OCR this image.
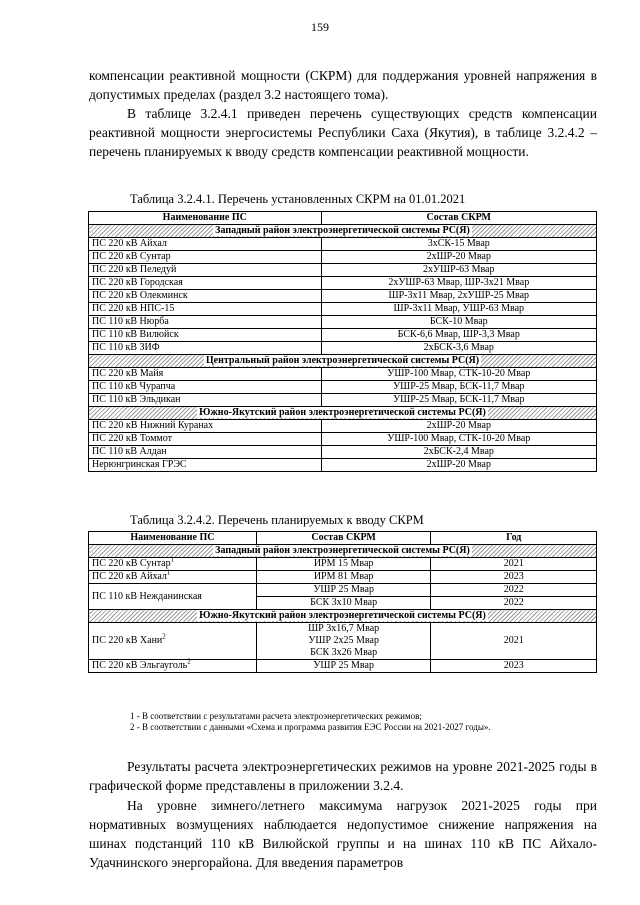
159
компенсации реактивной мощности (СКРМ) для поддержания уровней напряжения в допустимых пределах (раздел 3.2 настоящего тома).
В таблице 3.2.4.1 приведен перечень существующих средств компенсации реактивной мощности энергосистемы Республики Саха (Якутия), в таблице 3.2.4.2 – перечень планируемых к вводу средств компенсации реактивной мощности.
Таблица 3.2.4.1. Перечень установленных СКРМ на 01.01.2021
Наименование ПС	Состав СКРМ
Западный район электроэнергетической системы РС(Я)	
ПС 220 кВ Айхал	3хСК-15 Мвар
ПС 220 кВ Сунтар	2хШР-20 Мвар
ПС 220 кВ Пеледуй	2хУШР-63 Мвар
ПС 220 кВ Городская	2хУШР-63 Мвар, ШР-3х21 Мвар
ПС 220 кВ Олекминск	ШР-3х11 Мвар, 2хУШР-25 Мвар
ПС 220 кВ НПС-15	ШР-3х11 Мвар, УШР-63 Мвар
ПС 110 кВ Нюрба	БСК-10 Мвар
ПС 110 кВ Вилюйск	БСК-6,6 Мвар, ШР-3,3 Мвар
ПС 110 кВ ЗИФ	2хБСК-3,6 Мвар
Центральный район электроэнергетической системы РС(Я)	
ПС 220 кВ Майя	УШР-100 Мвар, СТК-10-20 Мвар
ПС 110 кВ Чурапча	УШР-25 Мвар, БСК-11,7 Мвар
ПС 110 кВ Эльдикан	УШР-25 Мвар, БСК-11,7 Мвар
Южно-Якутский район электроэнергетической системы РС(Я)	
ПС 220 кВ Нижний Куранах	2хШР-20 Мвар
ПС 220 кВ Томмот	УШР-100 Мвар, СТК-10-20 Мвар
ПС 110 кВ Алдан	2хБСК-2,4 Мвар
Нерюнгринская ГРЭС	2хШР-20 Мвар
Таблица 3.2.4.2. Перечень планируемых к вводу СКРМ
Наименование ПС	Состав СКРМ	Год
Западный район электроэнергетической системы РС(Я)		
ПС 220 кВ Сунтар$^1$	ИРМ 15 Мвар	2021
ПС 220 кВ Айхал$^1$	ИРМ 81 Мвар	2023
ПС 110 кВ Нежданинская	УШР 25 Мвар	2022
	БСК 3х10 Мвар	2022
Южно-Якутский район электроэнергетической системы РС(Я)		
ПС 220 кВ Хани$^2$	ШР 3х16,7 Мвар
УШР 2х25 Мвар
БСК 3х26 Мвар	2021
ПС 220 кВ Эльгауголь$^2$	УШР 25 Мвар	2023
1 - В соответствии с результатами расчета электроэнергетических режимов;
2 - В соответствии с данными «Схема и программа развития ЕЭС России на 2021-2027 годы».
Результаты расчета электроэнергетических режимов на уровне 2021-2025 годы в графической форме представлены в приложении 3.2.4.
На уровне зимнего/летнего максимума нагрузок 2021-2025 годы при нормативных возмущениях наблюдается недопустимое снижение напряжения на шинах подстанций 110 кВ Вилюйской группы и на шинах 110 кВ ПС Айхало-Удачнинского энергорайона. Для введения параметров
